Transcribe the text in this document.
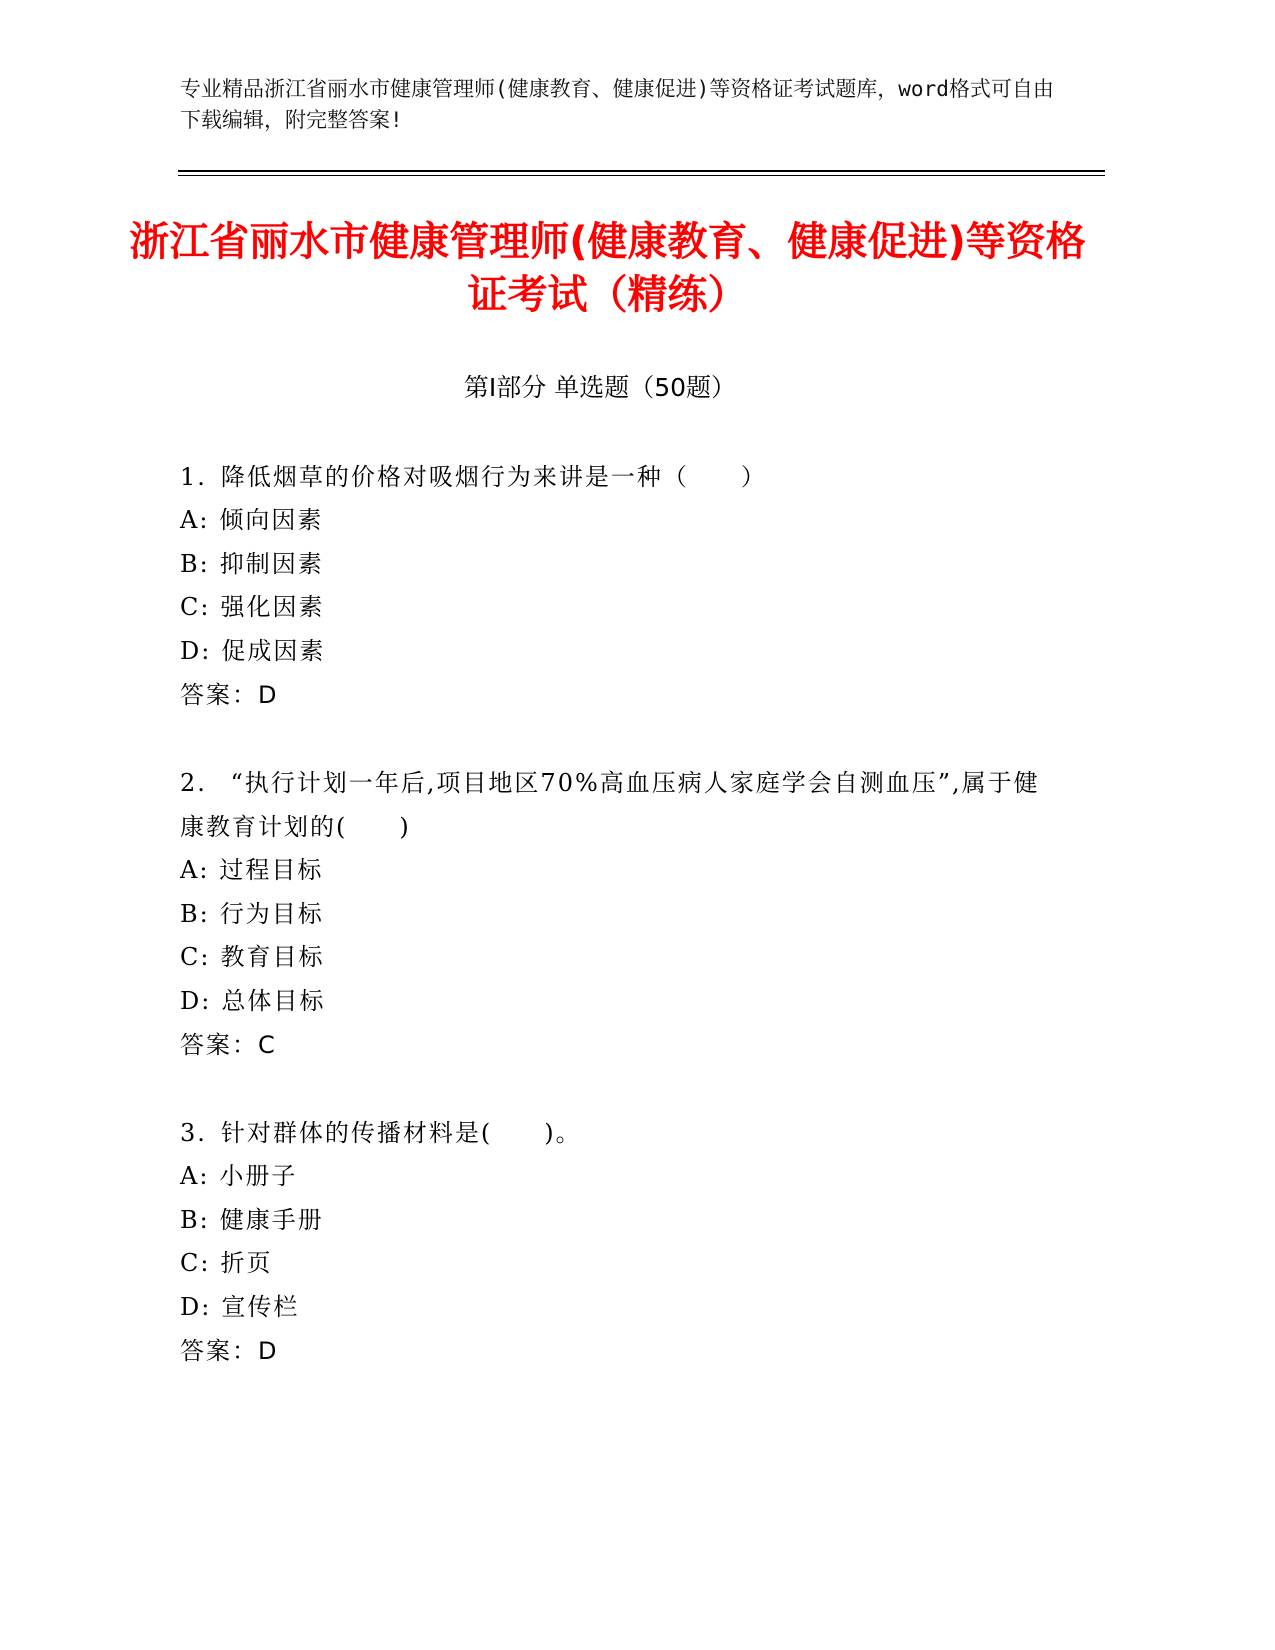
专业精品浙江省丽水市健康管理师(健康教育、健康促进)等资格证考试题库，word格式可自由下载编辑，附完整答案!
浙江省丽水市健康管理师(健康教育、健康促进)等资格证考试（精练）
第Ⅰ部分 单选题（50题）
1. 降低烟草的价格对吸烟行为来讲是一种（　　）
A: 倾向因素
B: 抑制因素
C: 强化因素
D: 促成因素
答案：D
2. “执行计划一年后,项目地区70%高血压病人家庭学会自测血压”,属于健康教育计划的(　　)
A: 过程目标
B: 行为目标
C:教育目标
D: 总体目标
答案：C
3. 针对群体的传播材料是(　　)。
A:小册子
B: 健康手册
C: 折页
D: 宣传栏
答案：D
